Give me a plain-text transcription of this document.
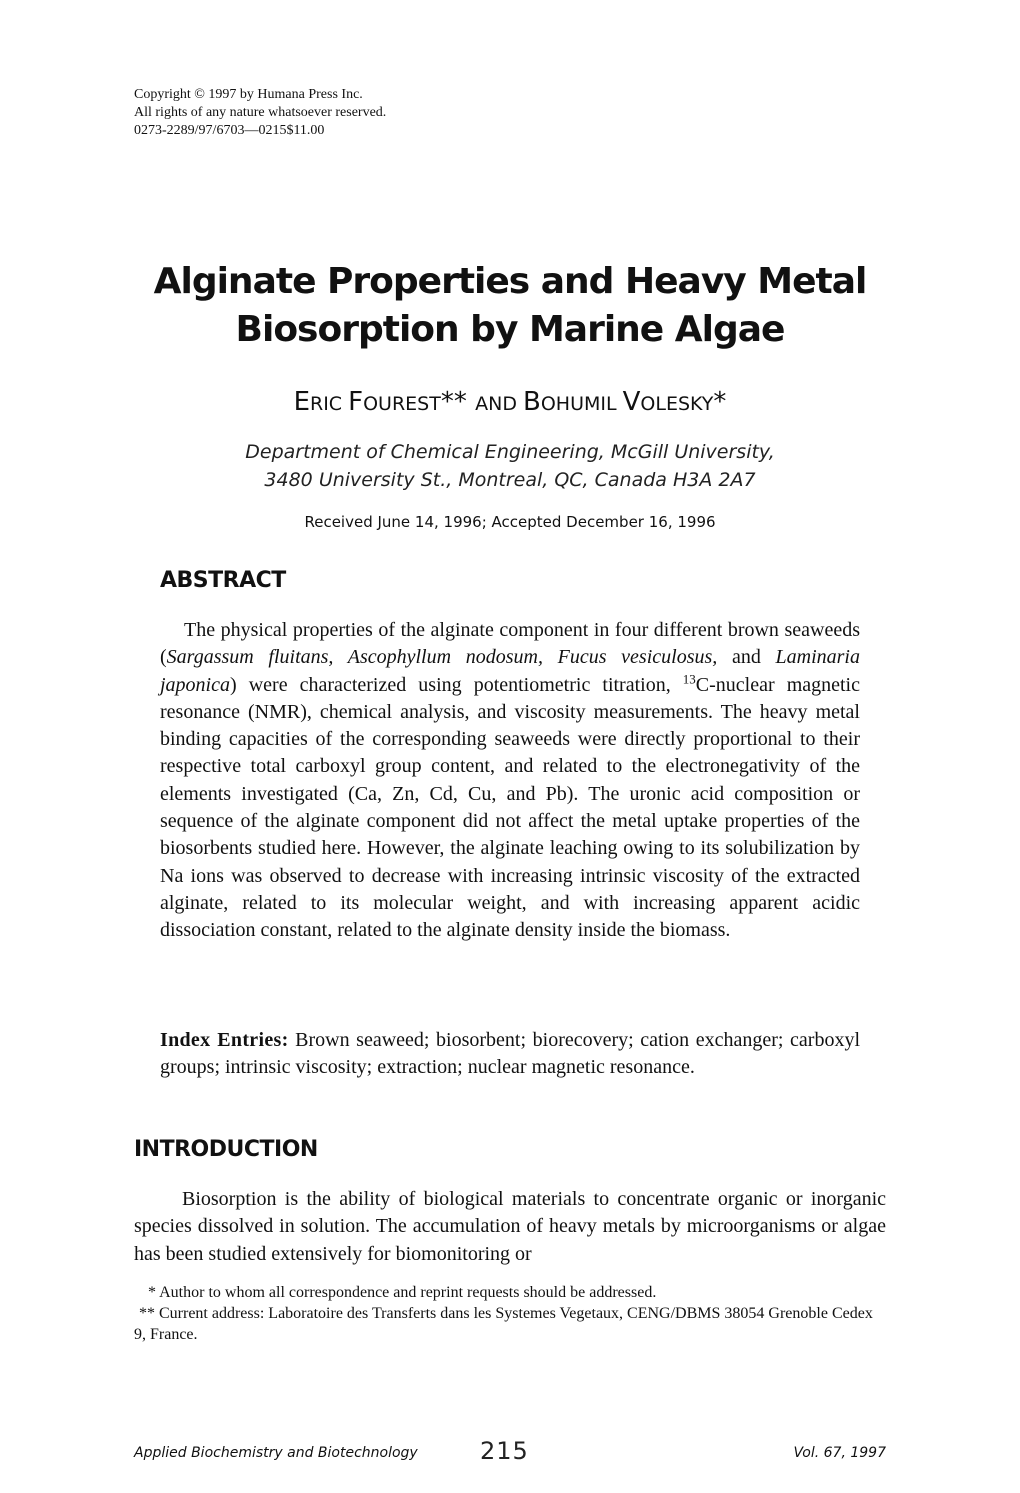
Copyright © 1997 by Humana Press Inc.
All rights of any nature whatsoever reserved.
0273-2289/97/6703—0215$11.00
Alginate Properties and Heavy Metal
Biosorption by Marine Algae
ERIC FOUREST** AND BOHUMIL VOLESKY*
Department of Chemical Engineering, McGill University,
3480 University St., Montreal, QC, Canada H3A 2A7
Received June 14, 1996; Accepted December 16, 1996
ABSTRACT
The physical properties of the alginate component in four different brown seaweeds (Sargassum fluitans, Ascophyllum nodosum, Fucus vesiculosus, and Laminaria japonica) were characterized using potentiometric titration, $^{13}$C-nuclear magnetic resonance (NMR), chemical analysis, and viscosity measurements. The heavy metal binding capacities of the corresponding seaweeds were directly proportional to their respective total carboxyl group content, and related to the electronegativity of the elements investigated (Ca, Zn, Cd, Cu, and Pb). The uronic acid composition or sequence of the alginate component did not affect the metal uptake properties of the biosorbents studied here. However, the alginate leaching owing to its solubilization by Na ions was observed to decrease with increasing intrinsic viscosity of the extracted alginate, related to its molecular weight, and with increasing apparent acidic dissociation constant, related to the alginate density inside the biomass.
Index Entries: Brown seaweed; biosorbent; biorecovery; cation exchanger; carboxyl groups; intrinsic viscosity; extraction; nuclear magnetic resonance.
INTRODUCTION
Biosorption is the ability of biological materials to concentrate organic or inorganic species dissolved in solution. The accumulation of heavy metals by microorganisms or algae has been studied extensively for biomonitoring or
* Author to whom all correspondence and reprint requests should be addressed.
** Current address: Laboratoire des Transferts dans les Systemes Vegetaux, CENG/DBMS 38054 Grenoble Cedex 9, France.
Applied Biochemistry and Biotechnology	215	Vol. 67, 1997
